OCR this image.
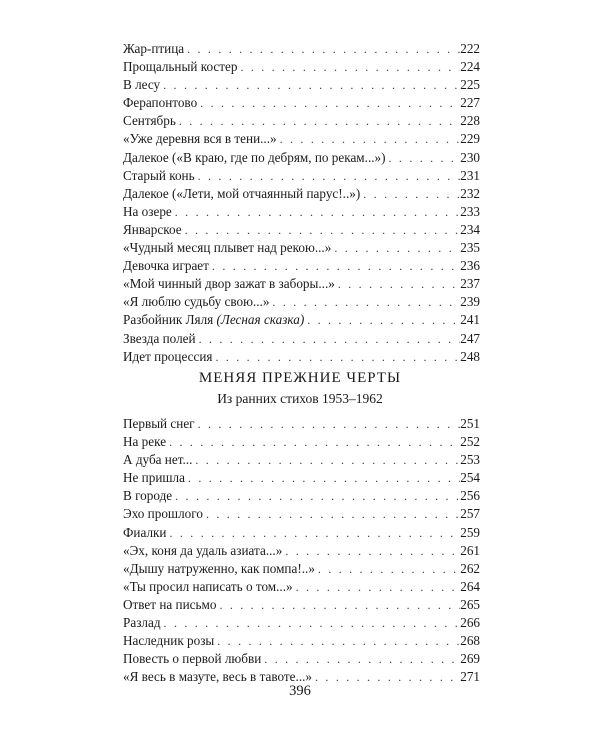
Жар-птица . . .	222
Прощальный костер . . .	224
В лесу . . .	225
Ферапонтово . . .	227
Сентябрь . . .	228
«Уже деревня вся в тени...» . . .	229
Далекое («В краю, где по дебрям, по рекам...») . . .	230
Старый конь . . .	231
Далекое («Лети, мой отчаянный парус!..») . . .	232
На озере . . .	233
Январское . . .	234
«Чудный месяц плывет над рекою...» . . .	235
Девочка играет . . .	236
«Мой чинный двор зажат в заборы...» . . .	237
«Я люблю судьбу свою...» . . .	239
Разбойник Ляля (Лесная сказка) . . .	241
Звезда полей . . .	247
Идет процессия . . .	248
МЕНЯЯ ПРЕЖНИЕ ЧЕРТЫ
Из ранних стихов 1953–1962
Первый снег . . .	251
На реке . . .	252
А дуба нет... . . .	253
Не пришла . . .	254
В городе . . .	256
Эхо прошлого . . .	257
Фиалки . . .	259
«Эх, коня да удаль азиата...» . . .	261
«Дышу натруженно, как помпа!..» . . .	262
«Ты просил написать о том...» . . .	264
Ответ на письмо . . .	265
Разлад . . .	266
Наследник розы . . .	268
Повесть о первой любви . . .	269
«Я весь в мазуте, весь в тавоте...» . . .	271
396
